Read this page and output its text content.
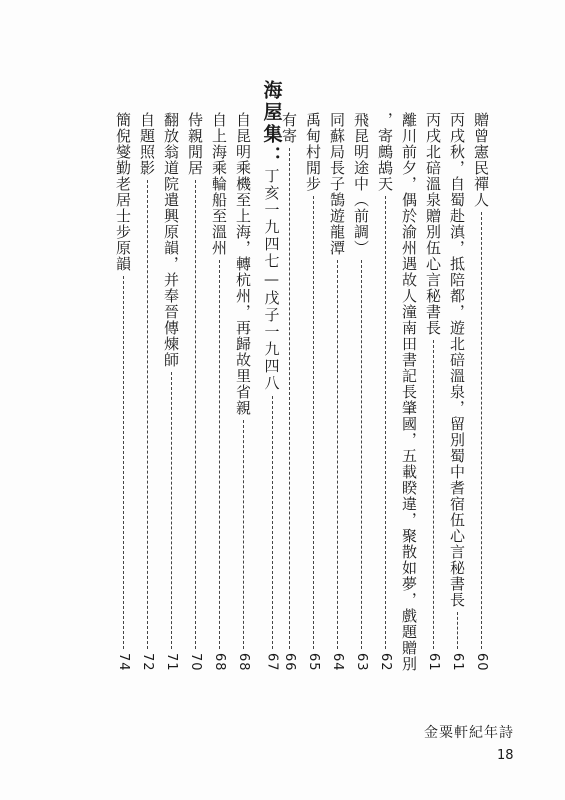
贈曾憲民禪人
60
丙戌秋，自蜀赴滇，抵陪都，遊北碚溫泉，留別蜀中耆宿伍心言秘書長
61
丙戌北碚溫泉贈別伍心言秘書長
61
離川前夕，偶於渝州遇故人潼南田書記長肇國，五載睽違，聚散如夢，戲題贈別
，寄鷓鴣天
62
飛昆明途中（前調）
63
同蘇局長子鵠遊龍潭
64
禹甸村閒步
65
有寄
66
海屋集：
丁亥一九四七—戊子一九四八
67
自昆明乘機至上海，轉杭州，再歸故里省親
68
自上海乘輪船至溫州
68
侍親閒居
70
翻放翁道院遣興原韻，并奉晉傳煉師
71
自題照影
72
簡倪燮勤老居士步原韻
74
金粟軒紀年詩
18
